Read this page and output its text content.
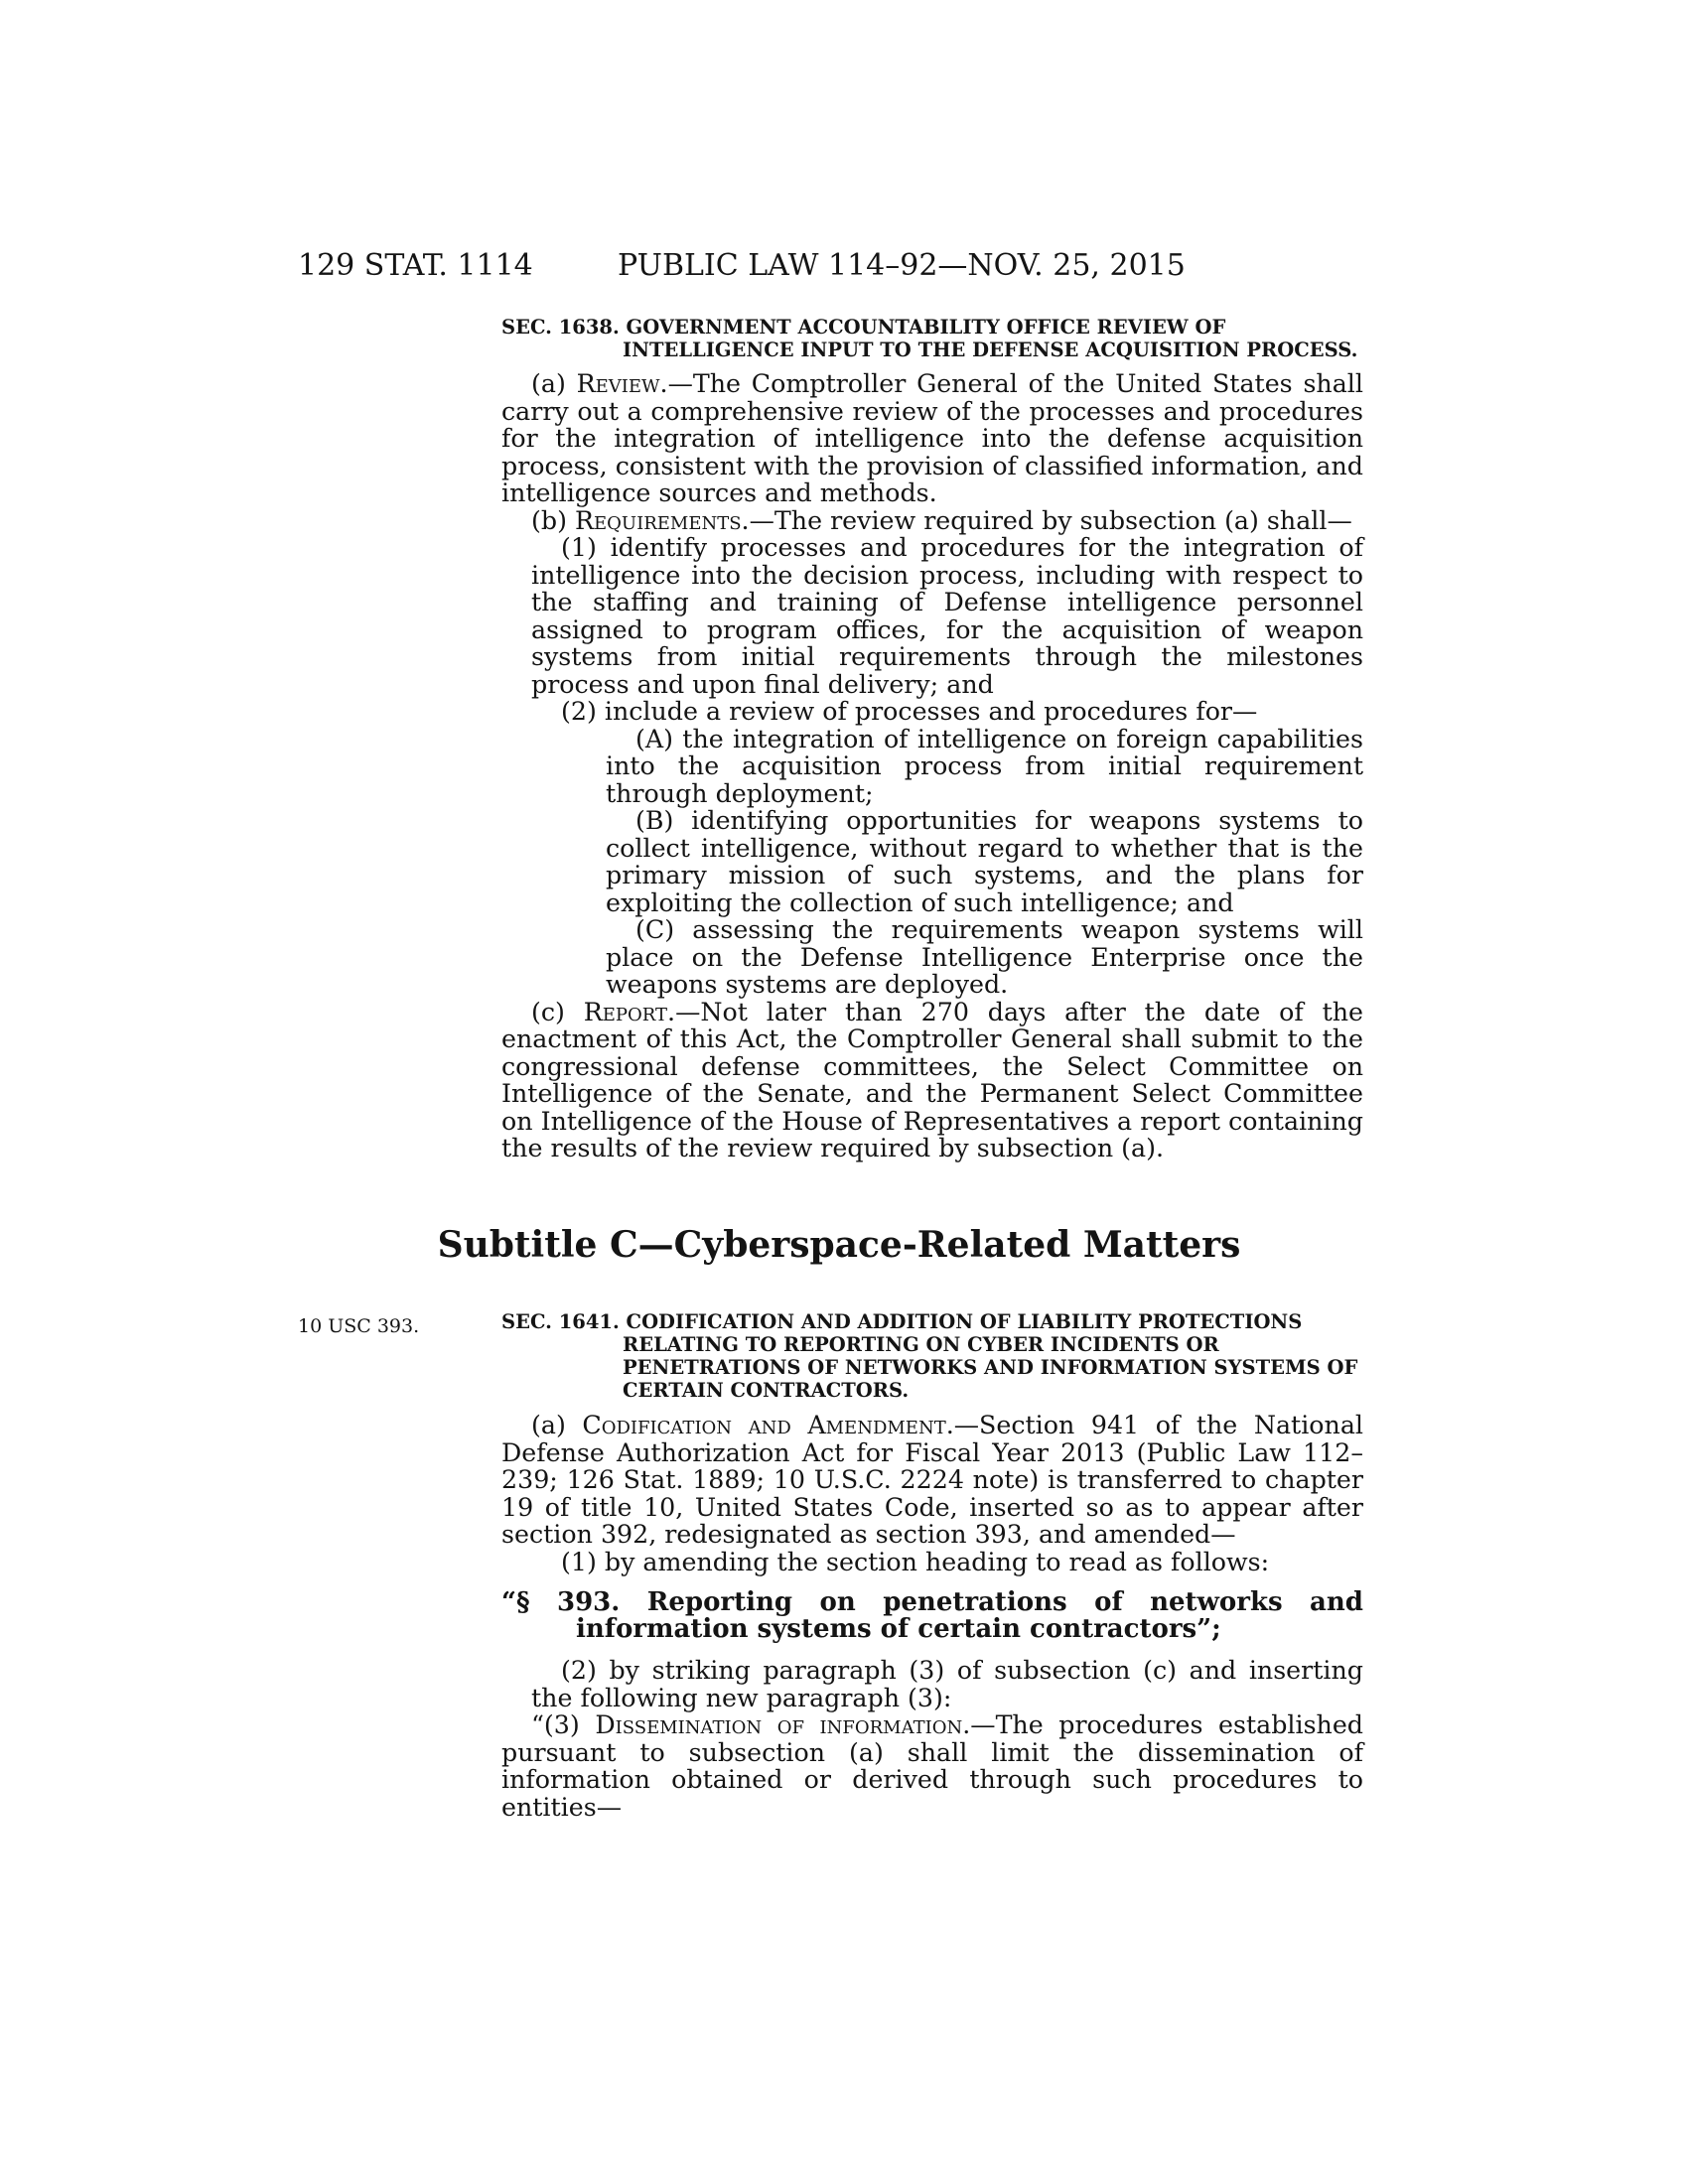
129 STAT. 1114	PUBLIC LAW 114–92—NOV. 25, 2015

SEC. 1638. GOVERNMENT ACCOUNTABILITY OFFICE REVIEW OF INTELLIGENCE INPUT TO THE DEFENSE ACQUISITION PROCESS.

(a) Review.—The Comptroller General of the United States shall carry out a comprehensive review of the processes and procedures for the integration of intelligence into the defense acquisition process, consistent with the provision of classified information, and intelligence sources and methods.

(b) Requirements.—The review required by subsection (a) shall—

(1) identify processes and procedures for the integration of intelligence into the decision process, including with respect to the staffing and training of Defense intelligence personnel assigned to program offices, for the acquisition of weapon systems from initial requirements through the milestones process and upon final delivery; and

(2) include a review of processes and procedures for—

(A) the integration of intelligence on foreign capabilities into the acquisition process from initial requirement through deployment;

(B) identifying opportunities for weapons systems to collect intelligence, without regard to whether that is the primary mission of such systems, and the plans for exploiting the collection of such intelligence; and

(C) assessing the requirements weapon systems will place on the Defense Intelligence Enterprise once the weapons systems are deployed.

(c) Report.—Not later than 270 days after the date of the enactment of this Act, the Comptroller General shall submit to the congressional defense committees, the Select Committee on Intelligence of the Senate, and the Permanent Select Committee on Intelligence of the House of Representatives a report containing the results of the review required by subsection (a).

Subtitle C—Cyberspace-Related Matters
10 USC 393.	SEC. 1641. CODIFICATION AND ADDITION OF LIABILITY PROTECTIONS RELATING TO REPORTING ON CYBER INCIDENTS OR PENETRATIONS OF NETWORKS AND INFORMATION SYSTEMS OF CERTAIN CONTRACTORS.

(a) Codification and Amendment.—Section 941 of the National Defense Authorization Act for Fiscal Year 2013 (Public Law 112–239; 126 Stat. 1889; 10 U.S.C. 2224 note) is transferred to chapter 19 of title 10, United States Code, inserted so as to appear after section 392, redesignated as section 393, and amended—

(1) by amending the section heading to read as follows:

“§ 393. Reporting on penetrations of networks and information systems of certain contractors”;

(2) by striking paragraph (3) of subsection (c) and inserting the following new paragraph (3):

“(3) Dissemination of information.—The procedures established pursuant to subsection (a) shall limit the dissemination of information obtained or derived through such procedures to entities—
